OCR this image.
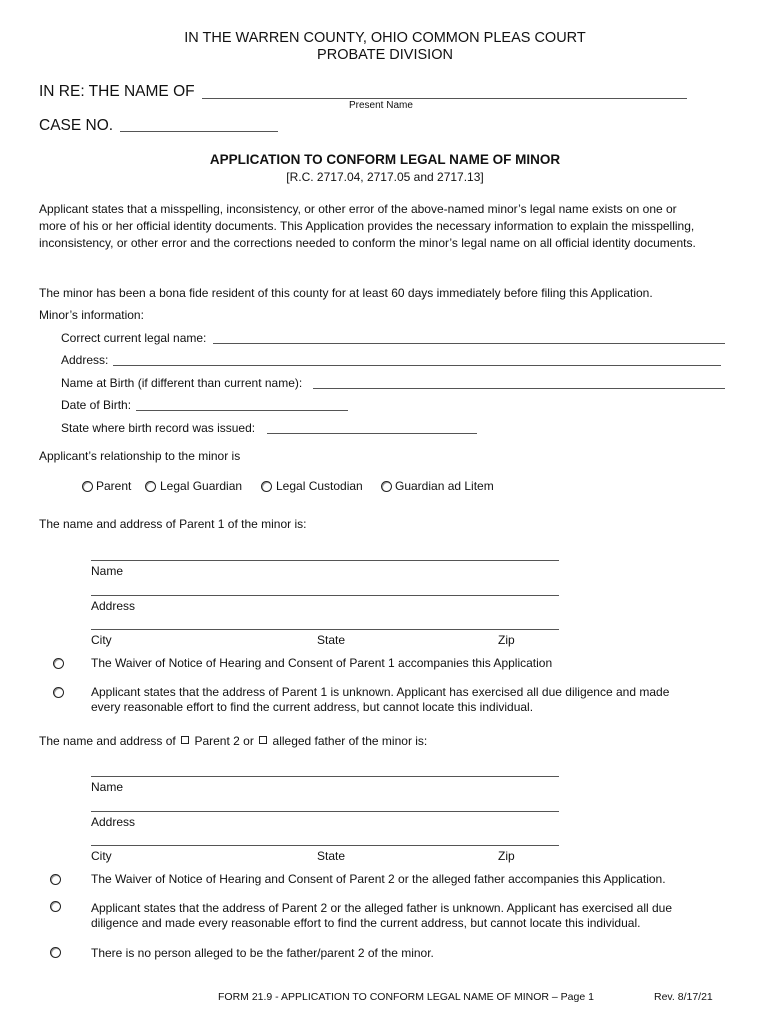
IN THE WARREN COUNTY, OHIO COMMON PLEAS COURT
PROBATE DIVISION
IN RE: THE NAME OF
Present Name
CASE NO.
APPLICATION TO CONFORM LEGAL NAME OF MINOR
[R.C. 2717.04, 2717.05 and 2717.13]
Applicant states that a misspelling, inconsistency, or other error of the above-named minor’s legal name exists on one or more of his or her official identity documents. This Application provides the necessary information to explain the misspelling, inconsistency, or other error and the corrections needed to conform the minor’s legal name on all official identity documents.
The minor has been a bona fide resident of this county for at least 60 days immediately before filing this Application.
Minor’s information:
Correct current legal name:
Address:
Name at Birth (if different than current name):
Date of Birth:
State where birth record was issued:
Applicant’s relationship to the minor is
Parent Legal Guardian	Legal Custodian	Guardian ad Litem
The name and address of Parent 1 of the minor is:
Name
Address
City	State	Zip
The Waiver of Notice of Hearing and Consent of Parent 1 accompanies this Application
Applicant states that the address of Parent 1 is unknown. Applicant has exercised all due diligence and made
every reasonable effort to find the current address, but cannot locate this individual.
The name and address of Parent 2 or alleged father of the minor is:
Name
Address
City	State	Zip
The Waiver of Notice of Hearing and Consent of Parent 2 or the alleged father accompanies this Application.
Applicant states that the address of Parent 2 or the alleged father is unknown. Applicant has exercised all due
diligence and made every reasonable effort to find the current address, but cannot locate this individual.
There is no person alleged to be the father/parent 2 of the minor.
FORM 21.9 - APPLICATION TO CONFORM LEGAL NAME OF MINOR – Page 1	Rev. 8/17/21
